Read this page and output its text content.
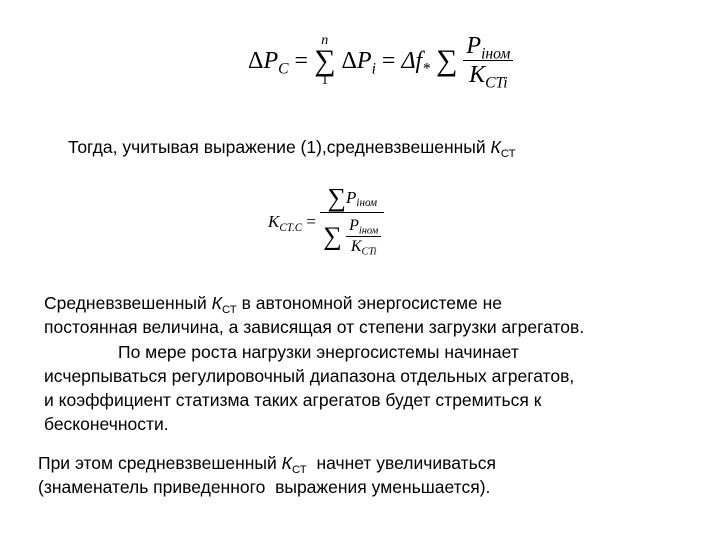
$\Delta P_C$ =
n
∑
1
$\Delta P_i = \Delta f_*$ ∑ $\frac{P_{iном}}{K_{CTi}}$
Тогда, учитывая выражение (1),средневзвешенный $К_{СТ}$
$K_{CT.C} = \frac{\sum P_{iном}}{\sum \frac{P_{iном}}{K_{CTi}}}$
Средневзвешенный $К_{СТ}$ в автономной энергосистеме не
постоянная величина, а зависящая от степени загрузки агрегатов.
По мере роста нагрузки энергосистемы начинает
исчерпываться регулировочный диапазона отдельных агрегатов,
и коэффициент статизма таких агрегатов будет стремиться к
бесконечности.
При этом средневзвешенный $К_{СТ}$  начнет увеличиваться
(знаменатель приведенного  выражения уменьшается).
